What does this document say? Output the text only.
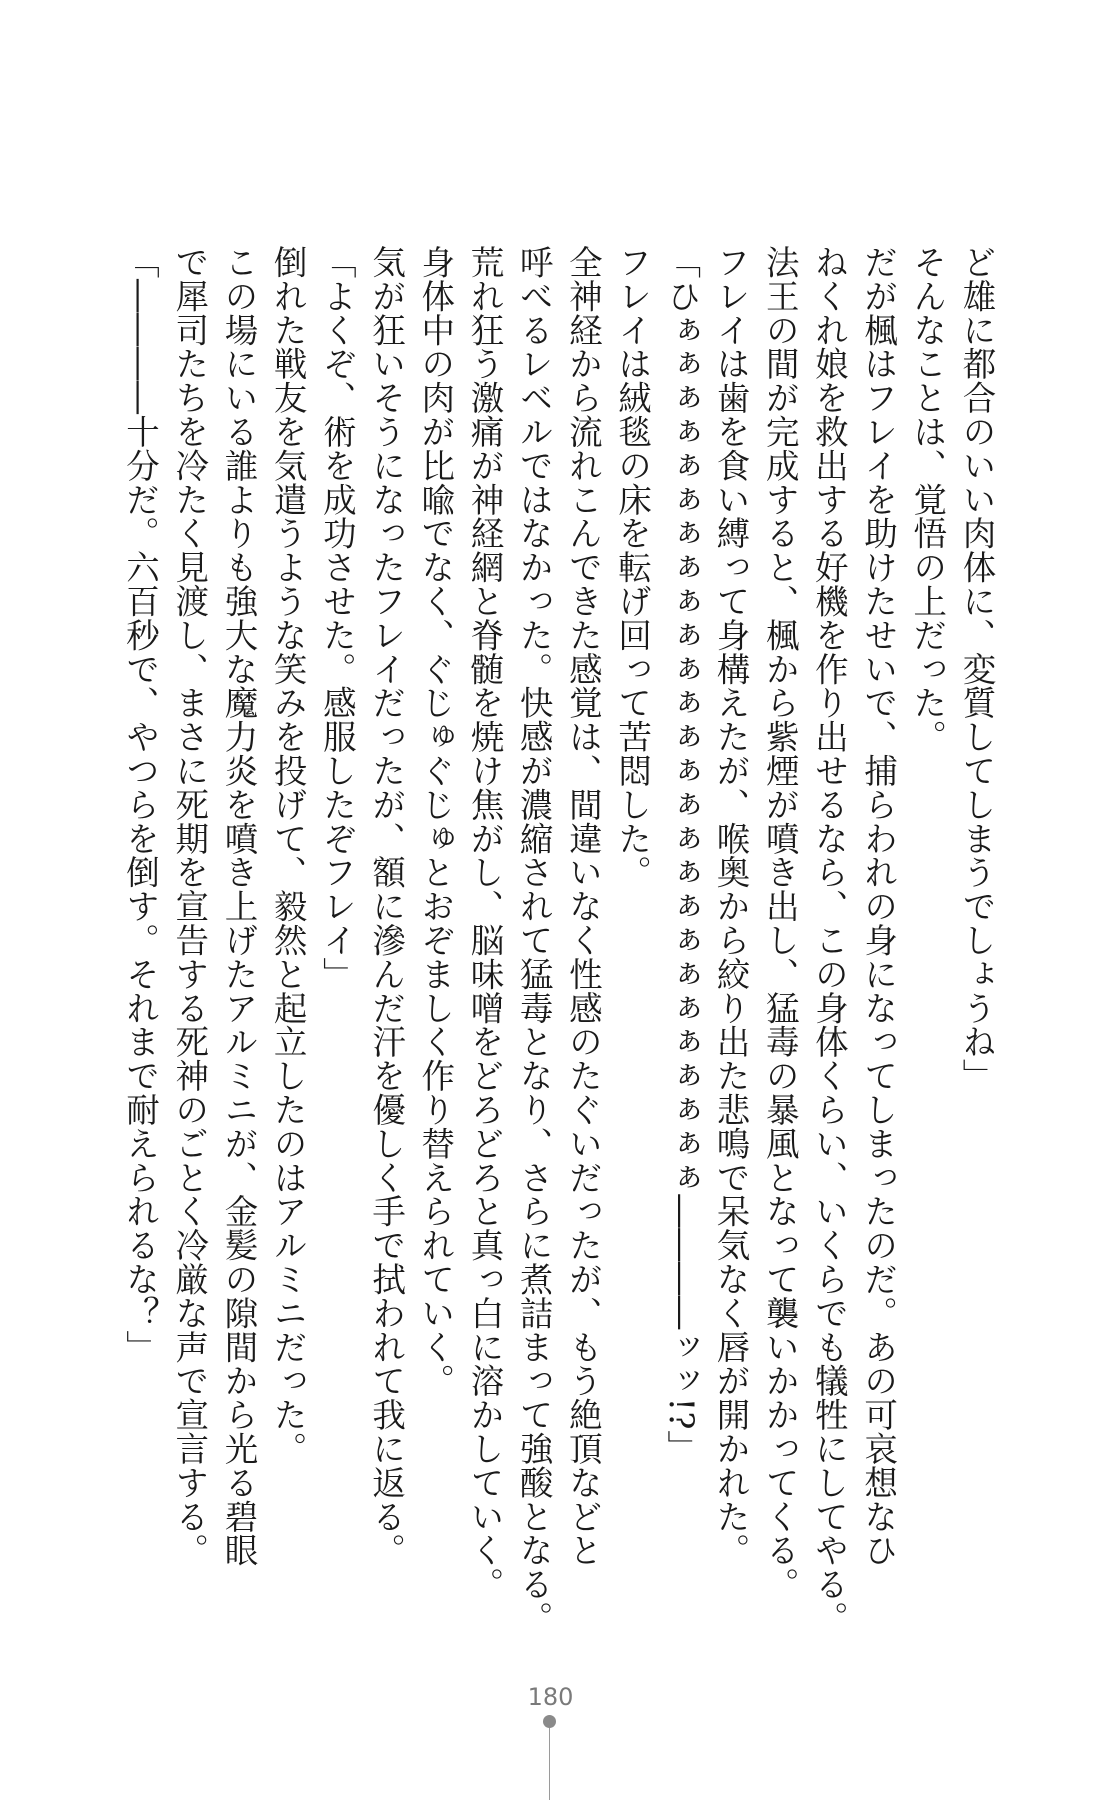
ど雄に都合のいい肉体に、変質してしまうでしょうね」
そんなことは、覚悟の上だった。
だが楓はフレイを助けたせいで、捕らわれの身になってしまったのだ。あの可哀想なひ
ねくれ娘を救出する好機を作り出せるなら、この身体くらい、いくらでも犠牲にしてやる。
法王の間が完成すると、楓から紫煙が噴き出し、猛毒の暴風となって襲いかかってくる。
フレイは歯を食い縛って身構えたが、喉奥から絞り出た悲鳴で呆気なく唇が開かれた。
「ひぁぁぁぁぁぁぁぁぁぁぁぁぁぁぁぁぁぁぁぁぁぁぁぁぁぁ――――ッッ!?」
フレイは絨毯の床を転げ回って苦悶した。
全神経から流れこんできた感覚は、間違いなく性感のたぐいだったが、もう絶頂などと
呼べるレベルではなかった。快感が濃縮されて猛毒となり、さらに煮詰まって強酸となる。
荒れ狂う激痛が神経網と脊髄を焼け焦がし、脳味噌をどろどろと真っ白に溶かしていく。
身体中の肉が比喩でなく、ぐじゅぐじゅとおぞましく作り替えられていく。
気が狂いそうになったフレイだったが、額に滲んだ汗を優しく手で拭われて我に返る。
「よくぞ、術を成功させた。感服したぞフレイ」
倒れた戦友を気遣うような笑みを投げて、毅然と起立したのはアルミニだった。
この場にいる誰よりも強大な魔力炎を噴き上げたアルミニが、金髪の隙間から光る碧眼
で犀司たちを冷たく見渡し、まさに死期を宣告する死神のごとく冷厳な声で宣言する。
「――――十分だ。六百秒で、やつらを倒す。それまで耐えられるな？」
180
